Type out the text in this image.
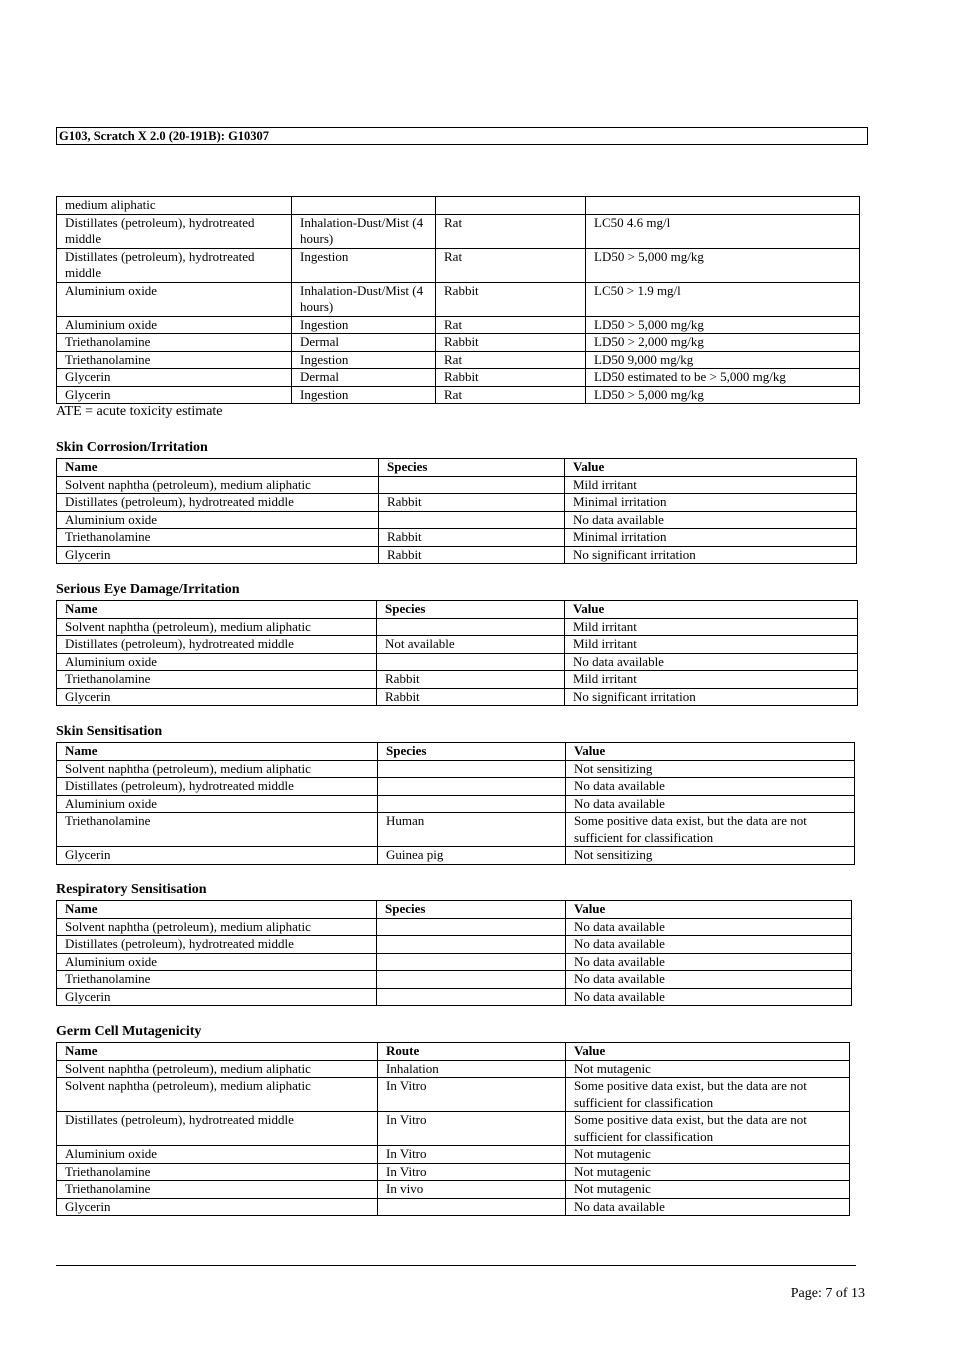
G103, Scratch X 2.0 (20-191B): G10307
medium aliphatic			
Distillates (petroleum), hydrotreated middle	Inhalation-Dust/Mist (4 hours)	Rat	LC50 4.6 mg/l
Distillates (petroleum), hydrotreated middle	Ingestion	Rat	LD50 > 5,000 mg/kg
Aluminium oxide	Inhalation-Dust/Mist (4 hours)	Rabbit	LC50 > 1.9 mg/l
Aluminium oxide	Ingestion	Rat	LD50 > 5,000 mg/kg
Triethanolamine	Dermal	Rabbit	LD50 > 2,000 mg/kg
Triethanolamine	Ingestion	Rat	LD50 9,000 mg/kg
Glycerin	Dermal	Rabbit	LD50 estimated to be > 5,000 mg/kg
Glycerin	Ingestion	Rat	LD50 > 5,000 mg/kg
ATE = acute toxicity estimate
Skin Corrosion/Irritation
Name	Species	Value
Solvent naphtha (petroleum), medium aliphatic		Mild irritant
Distillates (petroleum), hydrotreated middle	Rabbit	Minimal irritation
Aluminium oxide		No data available
Triethanolamine	Rabbit	Minimal irritation
Glycerin	Rabbit	No significant irritation
Serious Eye Damage/Irritation
Name	Species	Value
Solvent naphtha (petroleum), medium aliphatic		Mild irritant
Distillates (petroleum), hydrotreated middle	Not available	Mild irritant
Aluminium oxide		No data available
Triethanolamine	Rabbit	Mild irritant
Glycerin	Rabbit	No significant irritation
Skin Sensitisation
Name	Species	Value
Solvent naphtha (petroleum), medium aliphatic		Not sensitizing
Distillates (petroleum), hydrotreated middle		No data available
Aluminium oxide		No data available
Triethanolamine	Human	Some positive data exist, but the data are not sufficient for classification
Glycerin	Guinea pig	Not sensitizing
Respiratory Sensitisation
Name	Species	Value
Solvent naphtha (petroleum), medium aliphatic		No data available
Distillates (petroleum), hydrotreated middle		No data available
Aluminium oxide		No data available
Triethanolamine		No data available
Glycerin		No data available
Germ Cell Mutagenicity
Name	Route	Value
Solvent naphtha (petroleum), medium aliphatic	Inhalation	Not mutagenic
Solvent naphtha (petroleum), medium aliphatic	In Vitro	Some positive data exist, but the data are not sufficient for classification
Distillates (petroleum), hydrotreated middle	In Vitro	Some positive data exist, but the data are not sufficient for classification
Aluminium oxide	In Vitro	Not mutagenic
Triethanolamine	In Vitro	Not mutagenic
Triethanolamine	In vivo	Not mutagenic
Glycerin		No data available
Page: 7 of 13
